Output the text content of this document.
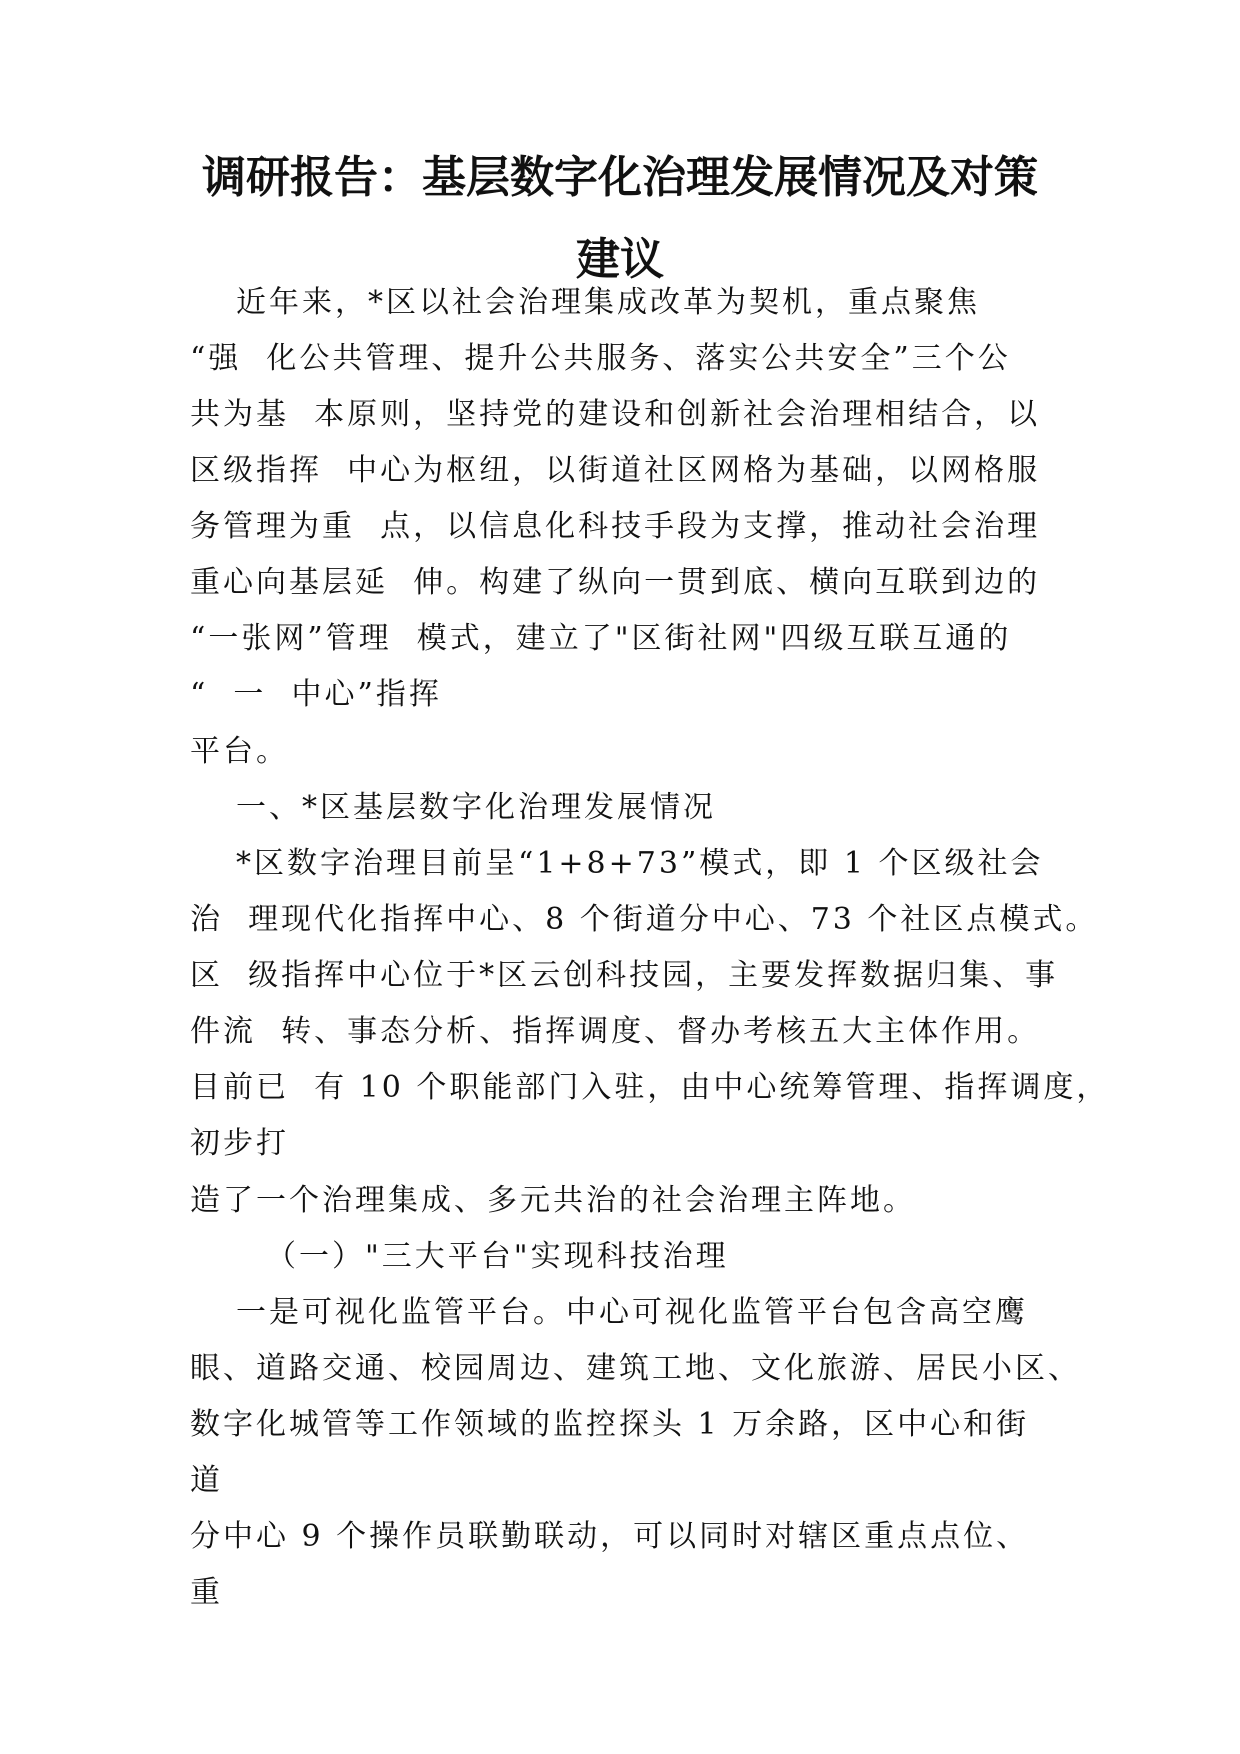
调研报告：基层数字化治理发展情况及对策
建议
近年来，*区以社会治理集成改革为契机，重点聚焦
“强  化公共管理、提升公共服务、落实公共安全”三个公
共为基  本原则，坚持党的建设和创新社会治理相结合，以
区级指挥  中心为枢纽，以街道社区网格为基础，以网格服
务管理为重  点，以信息化科技手段为支撑，推动社会治理
重心向基层延  伸。构建了纵向一贯到底、横向互联到边的
“一张网”管理  模式，建立了"区街社网"四级互联互通的
“  一  中心”指挥
平台。
一、*区基层数字化治理发展情况
*区数字治理目前呈“1+8+73”模式，即 1 个区级社会
治  理现代化指挥中心、8 个街道分中心、73 个社区点模式。
区  级指挥中心位于*区云创科技园，主要发挥数据归集、事
件流  转、事态分析、指挥调度、督办考核五大主体作用。
目前已  有 10 个职能部门入驻，由中心统筹管理、指挥调度，
初步打
造了一个治理集成、多元共治的社会治理主阵地。
（一）"三大平台"实现科技治理
一是可视化监管平台。中心可视化监管平台包含高空鹰
眼、道路交通、校园周边、建筑工地、文化旅游、居民小区、
数字化城管等工作领域的监控探头 1 万余路，区中心和街
道
分中心 9 个操作员联勤联动，可以同时对辖区重点点位、
重
